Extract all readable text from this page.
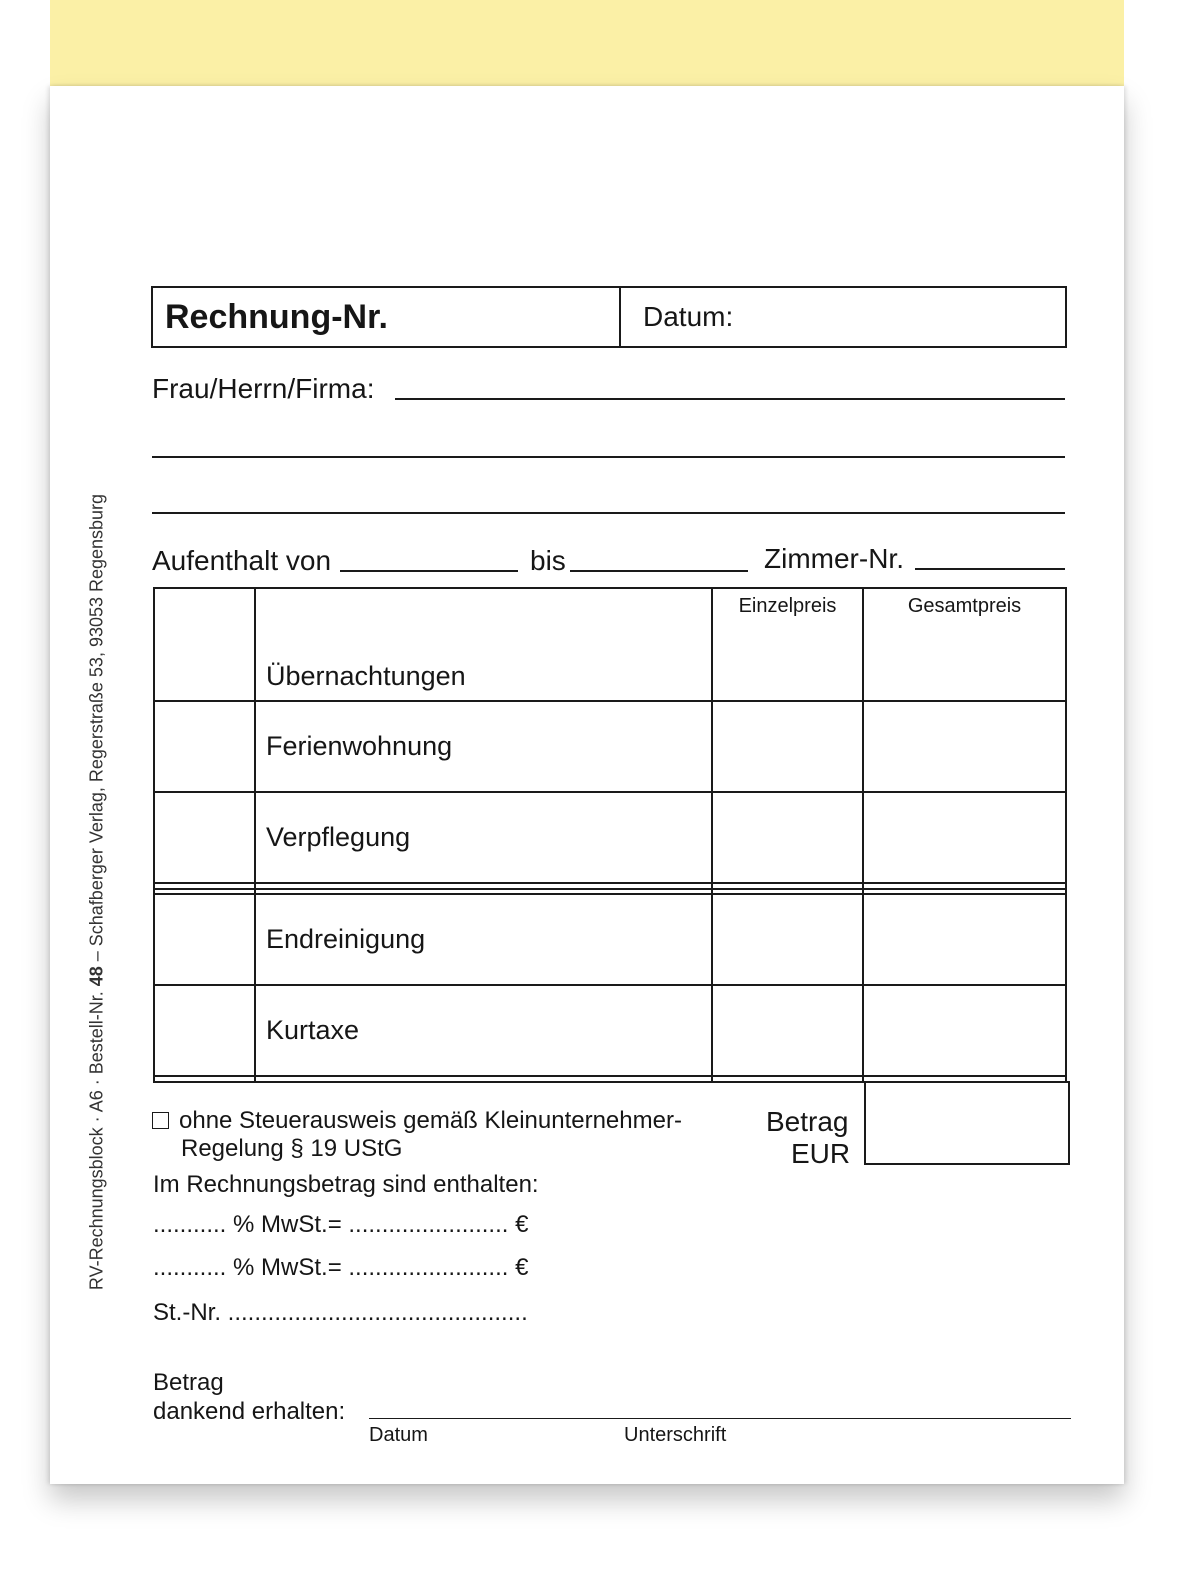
RV-Rechnungsblock · A6 · Bestell-Nr. 48 – Schafberger Verlag, Regerstraße 53, 93053 Regensburg
Rechnung-Nr.	Datum:
Frau/Herrn/Firma:
Aufenthalt von	bis	Zimmer-Nr.
	Übernachtungen	Einzelpreis	Gesamtpreis
	Ferienwohnung		
	Verpflegung		

	Endreinigung		
	Kurtaxe		

ohne Steuerausweis gemäß Kleinunternehmer-
Regelung § 19 UStG
Betrag
EUR
Im Rechnungsbetrag sind enthalten:
........... % MwSt.= ........................ €
........... % MwSt.= ........................ €
St.-Nr. .............................................
Betrag
dankend erhalten:
Datum	Unterschrift
